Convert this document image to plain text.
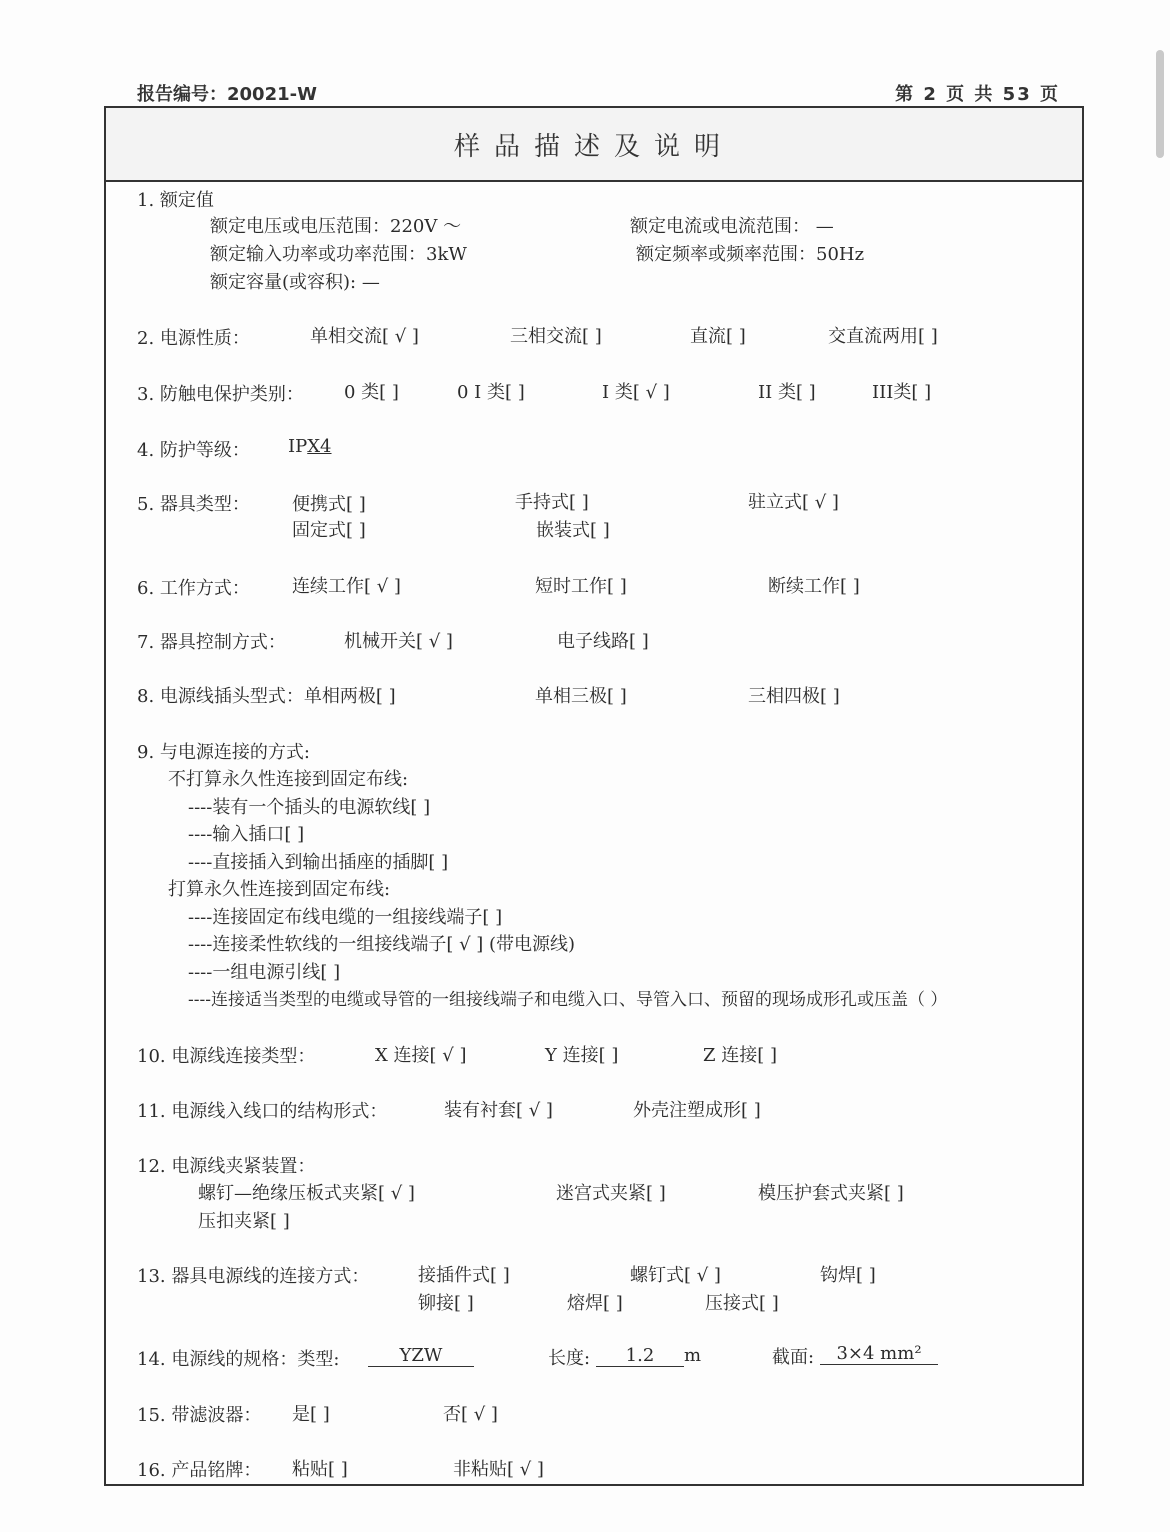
报告编号：20021-W	第 2 页 共 53 页
样品描述及说明
1. 额定值
额定电压或电压范围：220V ～	额定电流或电流范围： —
额定输入功率或功率范围：3kW	额定频率或频率范围：50Hz
额定容量(或容积): —
2. 电源性质：	单相交流[ √ ]	三相交流[ ]	直流[ ]	交直流两用[ ]
3. 防触电保护类别： 0 类[ ]	0 I 类[ ]	I 类[ √ ]	II 类[ ]	III类[ ]
4. 防护等级： IPX4
5. 器具类型： 便携式[ ]	手持式[ ]	驻立式[ √ ]
固定式[ ]	嵌装式[ ]
6. 工作方式： 连续工作[ √ ]	短时工作[ ]	断续工作[ ]
7. 器具控制方式：	机械开关[ √ ]	电子线路[ ]
8. 电源线插头型式：单相两极[ ]	单相三极[ ]	三相四极[ ]
9. 与电源连接的方式:
不打算永久性连接到固定布线:
----装有一个插头的电源软线[ ]
----输入插口[ ]
----直接插入到输出插座的插脚[ ]
打算永久性连接到固定布线:
----连接固定布线电缆的一组接线端子[ ]
----连接柔性软线的一组接线端子[ √ ] (带电源线)
----一组电源引线[ ]
----连接适当类型的电缆或导管的一组接线端子和电缆入口、导管入口、预留的现场成形孔或压盖（ ）
10. 电源线连接类型：	X 连接[ √ ]	Y 连接[ ]	Z 连接[ ]
11. 电源线入线口的结构形式：	装有衬套[ √ ]	外壳注塑成形[ ]
12. 电源线夹紧装置：
螺钉—绝缘压板式夹紧[ √ ]	迷宫式夹紧[ ]	模压护套式夹紧[ ]
压扣夹紧[ ]
13. 器具电源线的连接方式：	接插件式[ ]	螺钉式[ √ ]	钩焊[ ]
铆接[ ]	熔焊[ ]	压接式[ ]
14. 电源线的规格：类型:	YZW	长度:	1.2 m	截面:	3×4 mm²
15. 带滤波器： 是[ ]	否[ √ ]
16. 产品铭牌： 粘贴[ ]	非粘贴[ √ ]
